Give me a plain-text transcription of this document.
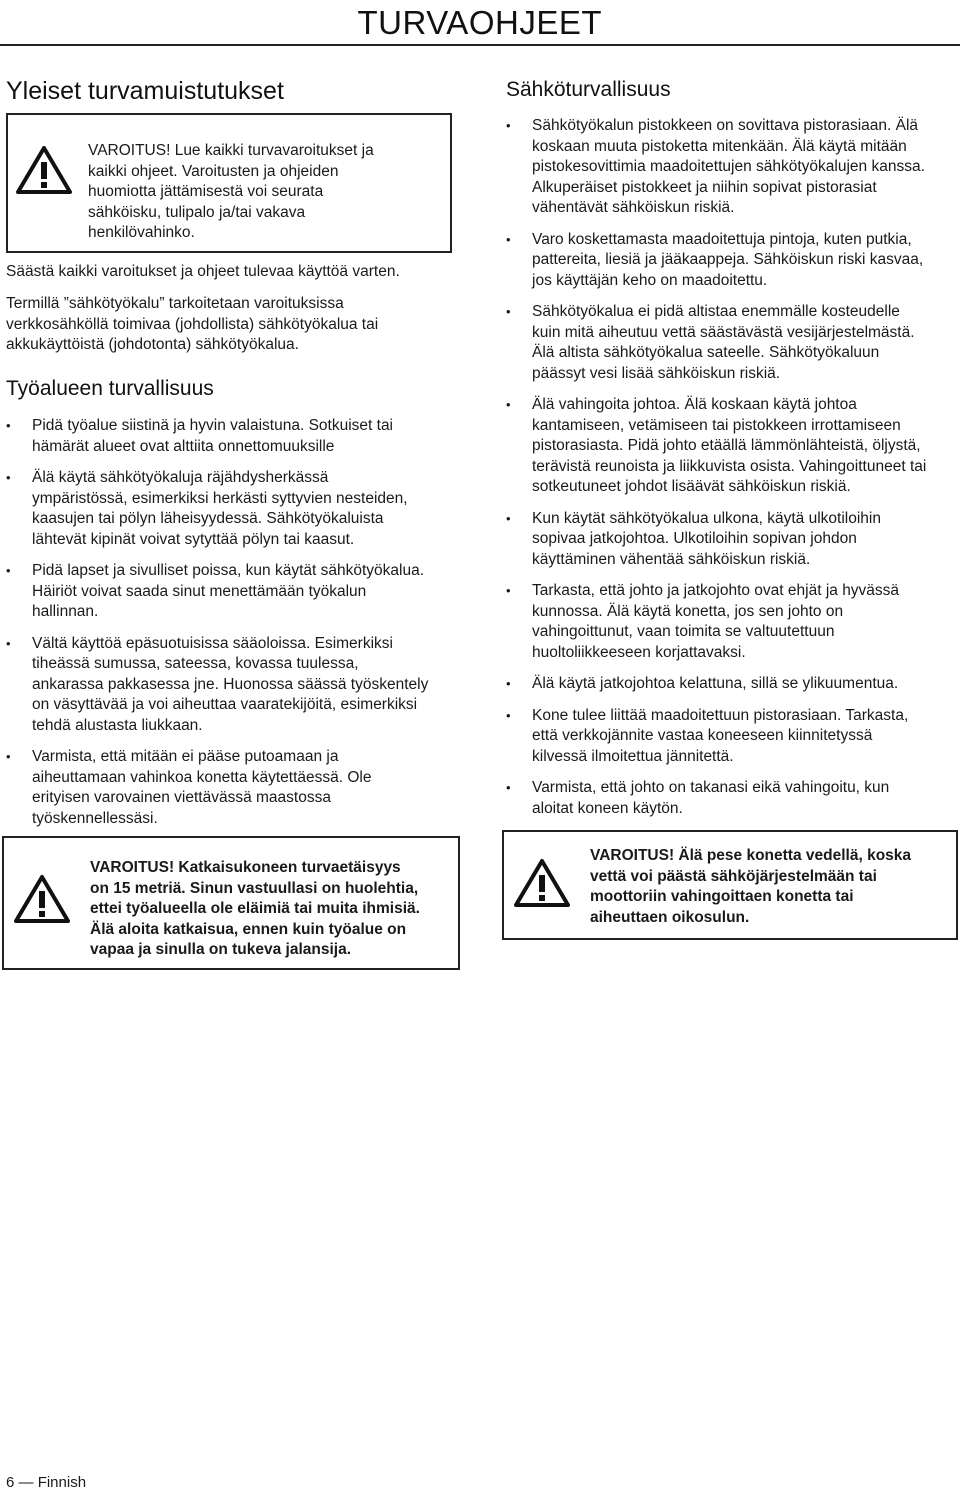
TURVAOHJEET
Yleiset turvamuistutukset
VAROITUS! Lue kaikki turvavaroitukset ja
kaikki ohjeet. Varoitusten ja ohjeiden
huomiotta jättämisestä voi seurata
sähköisku, tulipalo ja/tai vakava
henkilövahinko.

Säästä kaikki varoitukset ja ohjeet tulevaa käyttöä varten.

Termillä ”sähkötyökalu” tarkoitetaan varoituksissa
verkkosähköllä toimivaa (johdollista) sähkötyökalua tai
akkukäyttöistä (johdotonta) sähkötyökalua.
Työalueen turvallisuus
• Pidä työalue siistinä ja hyvin valaistuna. Sotkuiset tai
hämärät alueet ovat alttiita onnettomuuksille
• Älä käytä sähkötyökaluja räjähdysherkässä
ympäristössä, esimerkiksi herkästi syttyvien nesteiden,
kaasujen tai pölyn läheisyydessä. Sähkötyökaluista
lähtevät kipinät voivat sytyttää pölyn tai kaasut.
• Pidä lapset ja sivulliset poissa, kun käytät sähkötyökalua.
Häiriöt voivat saada sinut menettämään työkalun
hallinnan.
• Vältä käyttöä epäsuotuisissa sääoloissa. Esimerkiksi
tiheässä sumussa, sateessa, kovassa tuulessa,
ankarassa pakkasessa jne. Huonossa säässä työskentely
on väsyttävää ja voi aiheuttaa vaaratekijöitä, esimerkiksi
tehdä alustasta liukkaan.
• Varmista, että mitään ei pääse putoamaan ja
aiheuttamaan vahinkoa konetta käytettäessä. Ole
erityisen varovainen viettävässä maastossa
työskennellessäsi.
VAROITUS! Katkaisukoneen turvaetäisyys
on 15 metriä. Sinun vastuullasi on huolehtia,
ettei työalueella ole eläimiä tai muita ihmisiä.
Älä aloita katkaisua, ennen kuin työalue on
vapaa ja sinulla on tukeva jalansija.
Sähköturvallisuus
• Sähkötyökalun pistokkeen on sovittava pistorasiaan. Älä
koskaan muuta pistoketta mitenkään. Älä käytä mitään
pistokesovittimia maadoitettujen sähkötyökalujen kanssa.
Alkuperäiset pistokkeet ja niihin sopivat pistorasiat
vähentävät sähköiskun riskiä.
• Varo koskettamasta maadoitettuja pintoja, kuten putkia,
pattereita, liesiä ja jääkaappeja. Sähköiskun riski kasvaa,
jos käyttäjän keho on maadoitettu.
• Sähkötyökalua ei pidä altistaa enemmälle kosteudelle
kuin mitä aiheutuu vettä säästävästä vesijärjestelmästä.
Älä altista sähkötyökalua sateelle. Sähkötyökaluun
päässyt vesi lisää sähköiskun riskiä.
• Älä vahingoita johtoa. Älä koskaan käytä johtoa
kantamiseen, vetämiseen tai pistokkeen irrottamiseen
pistorasiasta. Pidä johto etäällä lämmönlähteistä, öljystä,
terävistä reunoista ja liikkuvista osista. Vahingoittuneet tai
sotkeutuneet johdot lisäävät sähköiskun riskiä.
• Kun käytät sähkötyökalua ulkona, käytä ulkotiloihin
sopivaa jatkojohtoa. Ulkotiloihin sopivan johdon
käyttäminen vähentää sähköiskun riskiä.
• Tarkasta, että johto ja jatkojohto ovat ehjät ja hyvässä
kunnossa. Älä käytä konetta, jos sen johto on
vahingoittunut, vaan toimita se valtuutettuun
huoltoliikkeeseen korjattavaksi.
• Älä käytä jatkojohtoa kelattuna, sillä se ylikuumentua.
• Kone tulee liittää maadoitettuun pistorasiaan. Tarkasta,
että verkkojännite vastaa koneeseen kiinnitetyssä
kilvessä ilmoitettua jännitettä.
• Varmista, että johto on takanasi eikä vahingoitu, kun
aloitat koneen käytön.
VAROITUS! Älä pese konetta vedellä, koska
vettä voi päästä sähköjärjestelmään tai
moottoriin vahingoittaen konetta tai
aiheuttaen oikosulun.
6 — Finnish
